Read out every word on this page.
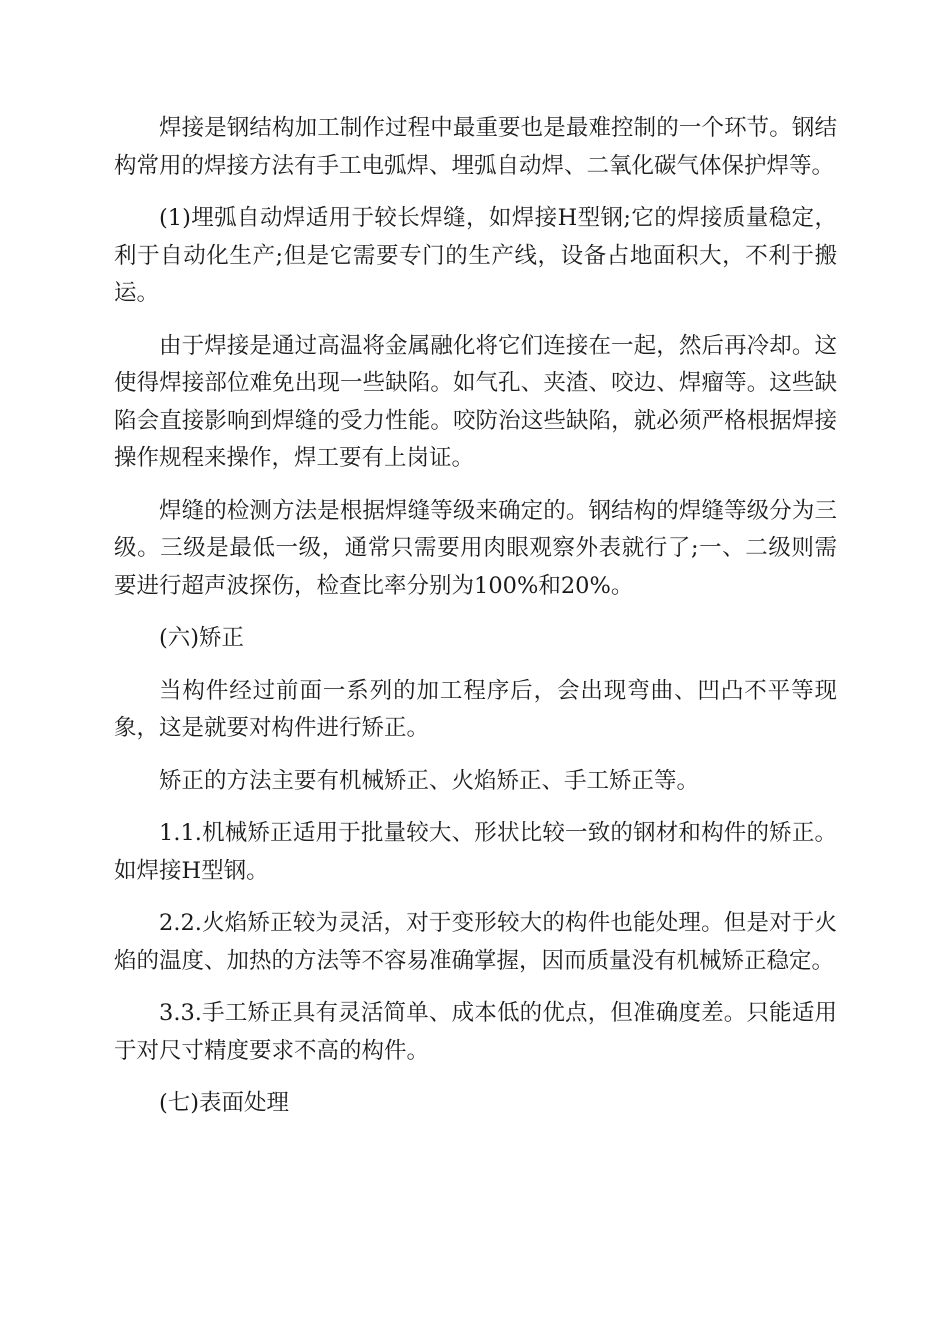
焊接是钢结构加工制作过程中最重要也是最难控制的一个环节。钢结构常用的焊接方法有手工电弧焊、埋弧自动焊、二氧化碳气体保护焊等。

(1)埋弧自动焊适用于较长焊缝，如焊接H型钢;它的焊接质量稳定，利于自动化生产;但是它需要专门的生产线，设备占地面积大，不利于搬运。

由于焊接是通过高温将金属融化将它们连接在一起，然后再冷却。这使得焊接部位难免出现一些缺陷。如气孔、夹渣、咬边、焊瘤等。这些缺陷会直接影响到焊缝的受力性能。咬防治这些缺陷，就必须严格根据焊接操作规程来操作，焊工要有上岗证。

焊缝的检测方法是根据焊缝等级来确定的。钢结构的焊缝等级分为三级。三级是最低一级，通常只需要用肉眼观察外表就行了;一、二级则需要进行超声波探伤，检查比率分别为100%和20%。

(六)矫正

当构件经过前面一系列的加工程序后，会出现弯曲、凹凸不平等现象，这是就要对构件进行矫正。

矫正的方法主要有机械矫正、火焰矫正、手工矫正等。

1.1.机械矫正适用于批量较大、形状比较一致的钢材和构件的矫正。如焊接H型钢。

2.2.火焰矫正较为灵活，对于变形较大的构件也能处理。但是对于火焰的温度、加热的方法等不容易准确掌握，因而质量没有机械矫正稳定。

3.3.手工矫正具有灵活简单、成本低的优点，但准确度差。只能适用于对尺寸精度要求不高的构件。

(七)表面处理
